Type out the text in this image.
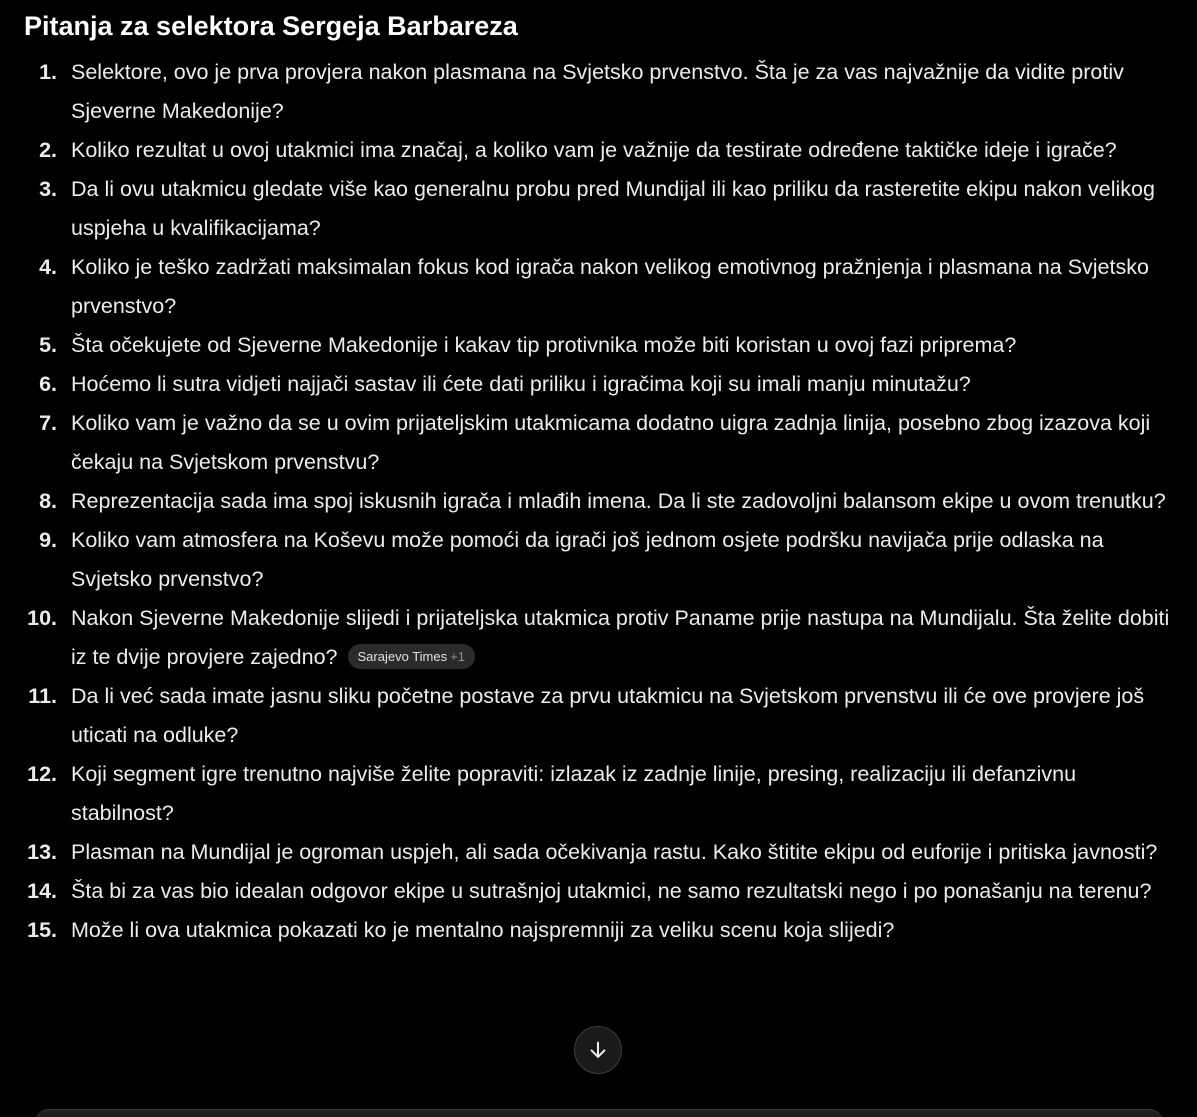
Pitanja za selektora Sergeja Barbareza
1. Selektore, ovo je prva provjera nakon plasmana na Svjetsko prvenstvo. Šta je za vas najvažnije da vidite protiv Sjeverne Makedonije?
2. Koliko rezultat u ovoj utakmici ima značaj, a koliko vam je važnije da testirate određene taktičke ideje i igrače?
3. Da li ovu utakmicu gledate više kao generalnu probu pred Mundijal ili kao priliku da rasteretite ekipu nakon velikog uspjeha u kvalifikacijama?
4. Koliko je teško zadržati maksimalan fokus kod igrača nakon velikog emotivnog pražnjenja i plasmana na Svjetsko prvenstvo?
5. Šta očekujete od Sjeverne Makedonije i kakav tip protivnika može biti koristan u ovoj fazi priprema?
6. Hoćemo li sutra vidjeti najjači sastav ili ćete dati priliku i igračima koji su imali manju minutažu?
7. Koliko vam je važno da se u ovim prijateljskim utakmicama dodatno uigra zadnja linija, posebno zbog izazova koji čekaju na Svjetskom prvenstvu?
8. Reprezentacija sada ima spoj iskusnih igrača i mlađih imena. Da li ste zadovoljni balansom ekipe u ovom trenutku?
9. Koliko vam atmosfera na Koševu može pomoći da igrači još jednom osjete podršku navijača prije odlaska na Svjetsko prvenstvo?
10. Nakon Sjeverne Makedonije slijedi i prijateljska utakmica protiv Paname prije nastupa na Mundijalu. Šta želite dobiti iz te dvije provjere zajedno? Sarajevo Times +1
11. Da li već sada imate jasnu sliku početne postave za prvu utakmicu na Svjetskom prvenstvu ili će ove provjere još uticati na odluke?
12. Koji segment igre trenutno najviše želite popraviti: izlazak iz zadnje linije, presing, realizaciju ili defanzivnu stabilnost?
13. Plasman na Mundijal je ogroman uspjeh, ali sada očekivanja rastu. Kako štitite ekipu od euforije i pritiska javnosti?
14. Šta bi za vas bio idealan odgovor ekipe u sutrašnjoj utakmici, ne samo rezultatski nego i po ponašanju na terenu?
15. Može li ova utakmica pokazati ko je mentalno najspremniji za veliku scenu koja slijedi?
